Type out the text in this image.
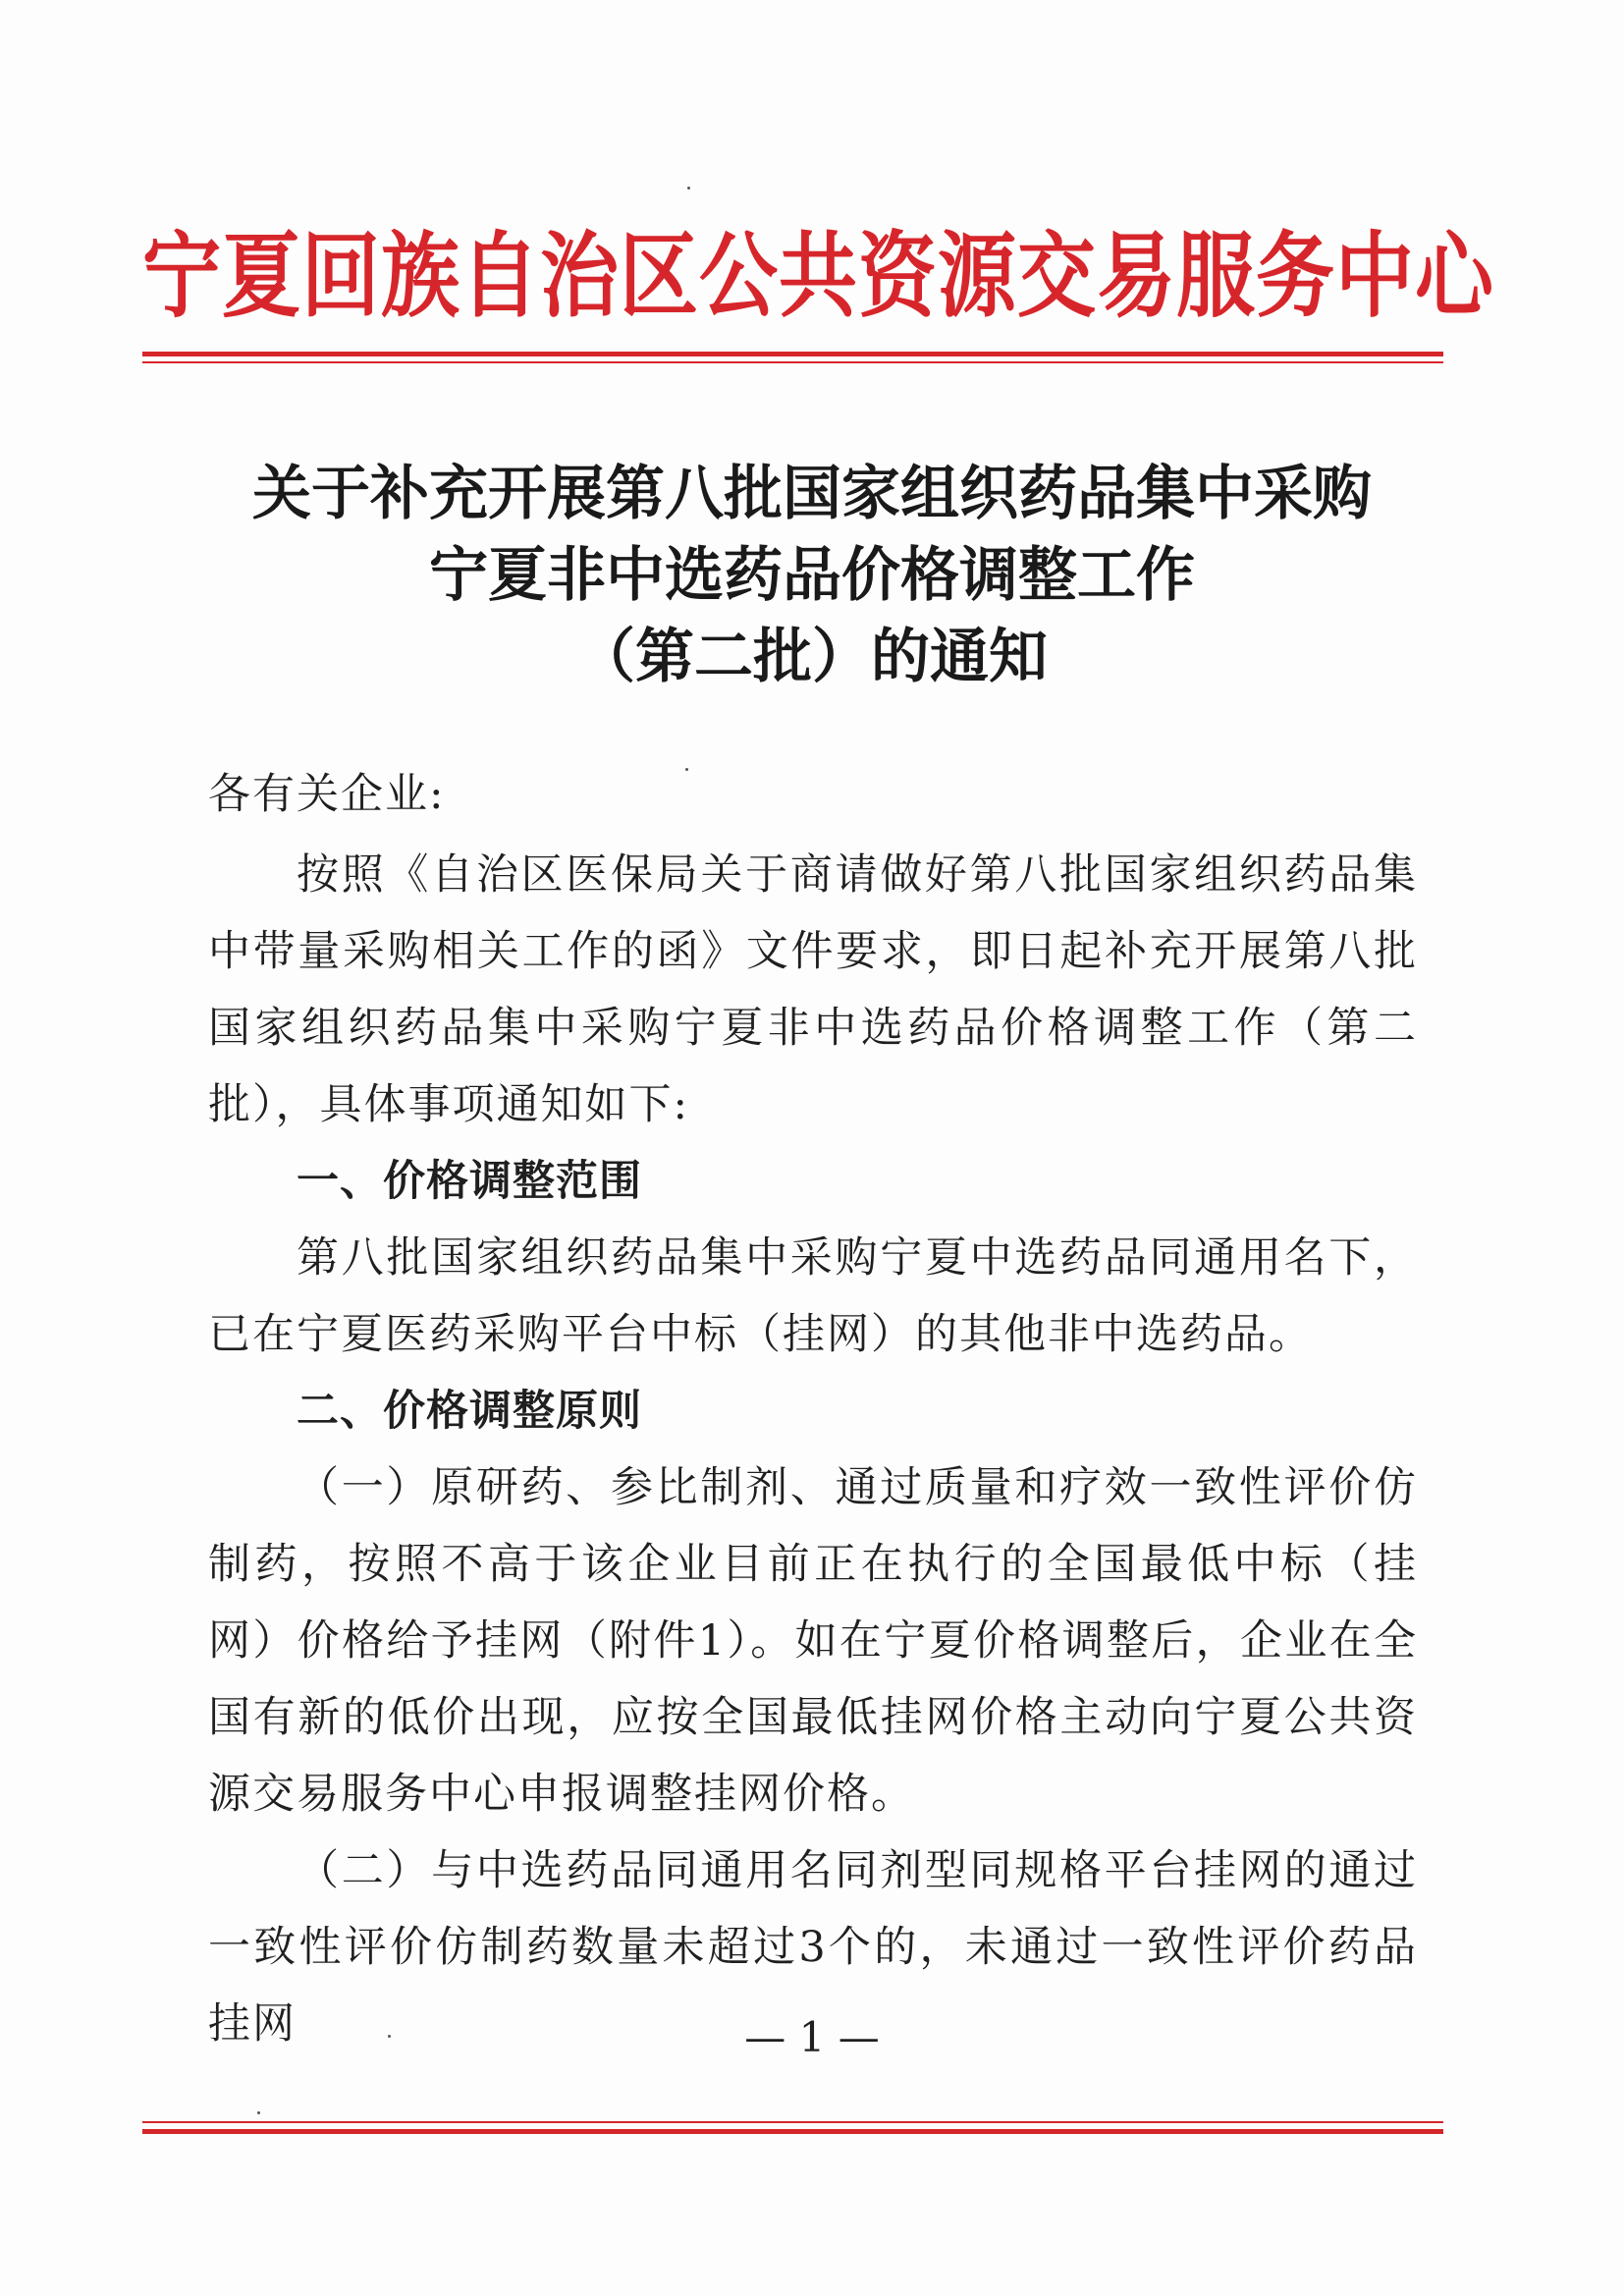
宁夏回族自治区公共资源交易服务中心
关于补充开展第八批国家组织药品集中采购
宁夏非中选药品价格调整工作
（第二批）的通知
各有关企业:

按照《自治区医保局关于商请做好第八批国家组织药品集中带量采购相关工作的函》文件要求，即日起补充开展第八批国家组织药品集中采购宁夏非中选药品价格调整工作（第二批），具体事项通知如下:

一、价格调整范围

第八批国家组织药品集中采购宁夏中选药品同通用名下，已在宁夏医药采购平台中标（挂网）的其他非中选药品。

二、价格调整原则

（一）原研药、参比制剂、通过质量和疗效一致性评价仿制药，按照不高于该企业目前正在执行的全国最低中标（挂网）价格给予挂网（附件1）。如在宁夏价格调整后，企业在全国有新的低价出现，应按全国最低挂网价格主动向宁夏公共资源交易服务中心申报调整挂网价格。

（二）与中选药品同通用名同剂型同规格平台挂网的通过一致性评价仿制药数量未超过3个的，未通过一致性评价药品挂网	— 1 —
